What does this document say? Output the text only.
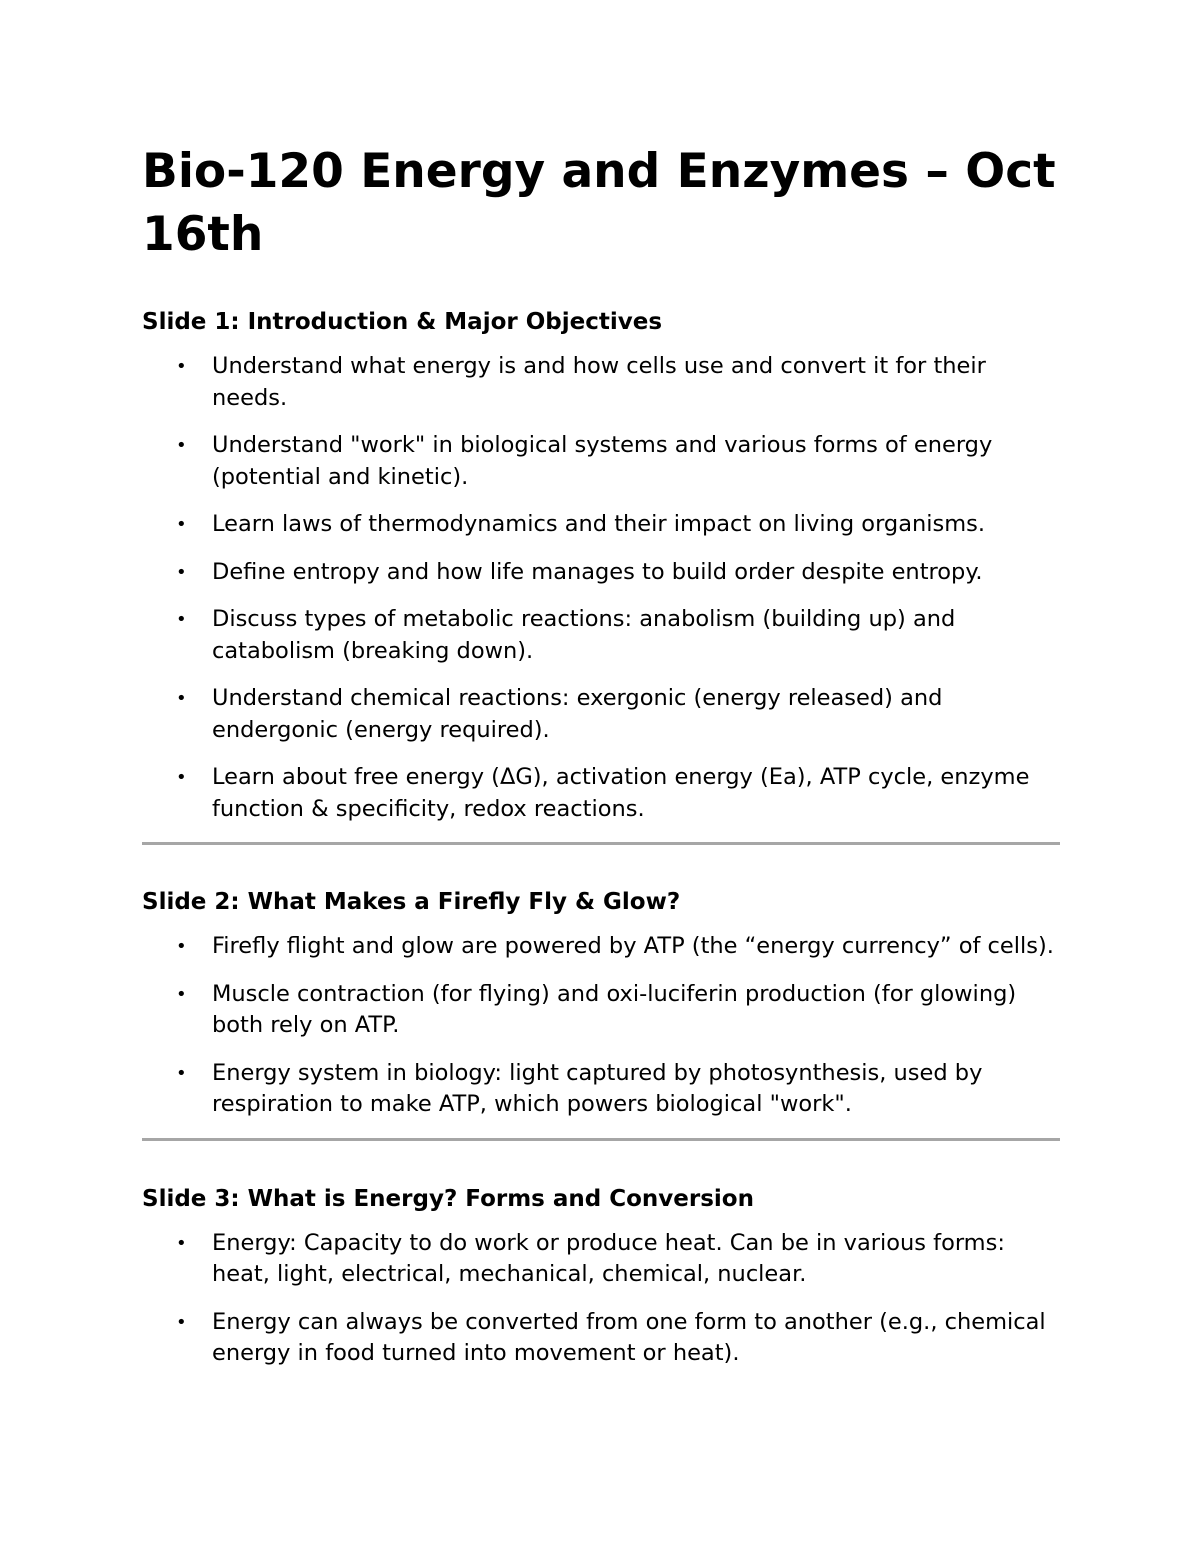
Bio-120 Energy and Enzymes – Oct 16th
Slide 1: Introduction & Major Objectives
• Understand what energy is and how cells use and convert it for their needs.
• Understand "work" in biological systems and various forms of energy (potential and kinetic).
• Learn laws of thermodynamics and their impact on living organisms.
• Define entropy and how life manages to build order despite entropy.
• Discuss types of metabolic reactions: anabolism (building up) and catabolism (breaking down).
• Understand chemical reactions: exergonic (energy released) and endergonic (energy required).
• Learn about free energy (ΔG), activation energy (Ea), ATP cycle, enzyme function & specificity, redox reactions.
Slide 2: What Makes a Firefly Fly & Glow?
• Firefly flight and glow are powered by ATP (the “energy currency” of cells).
• Muscle contraction (for flying) and oxi-luciferin production (for glowing) both rely on ATP.
• Energy system in biology: light captured by photosynthesis, used by respiration to make ATP, which powers biological "work".
Slide 3: What is Energy? Forms and Conversion
• Energy: Capacity to do work or produce heat. Can be in various forms: heat, light, electrical, mechanical, chemical, nuclear.
• Energy can always be converted from one form to another (e.g., chemical energy in food turned into movement or heat).
